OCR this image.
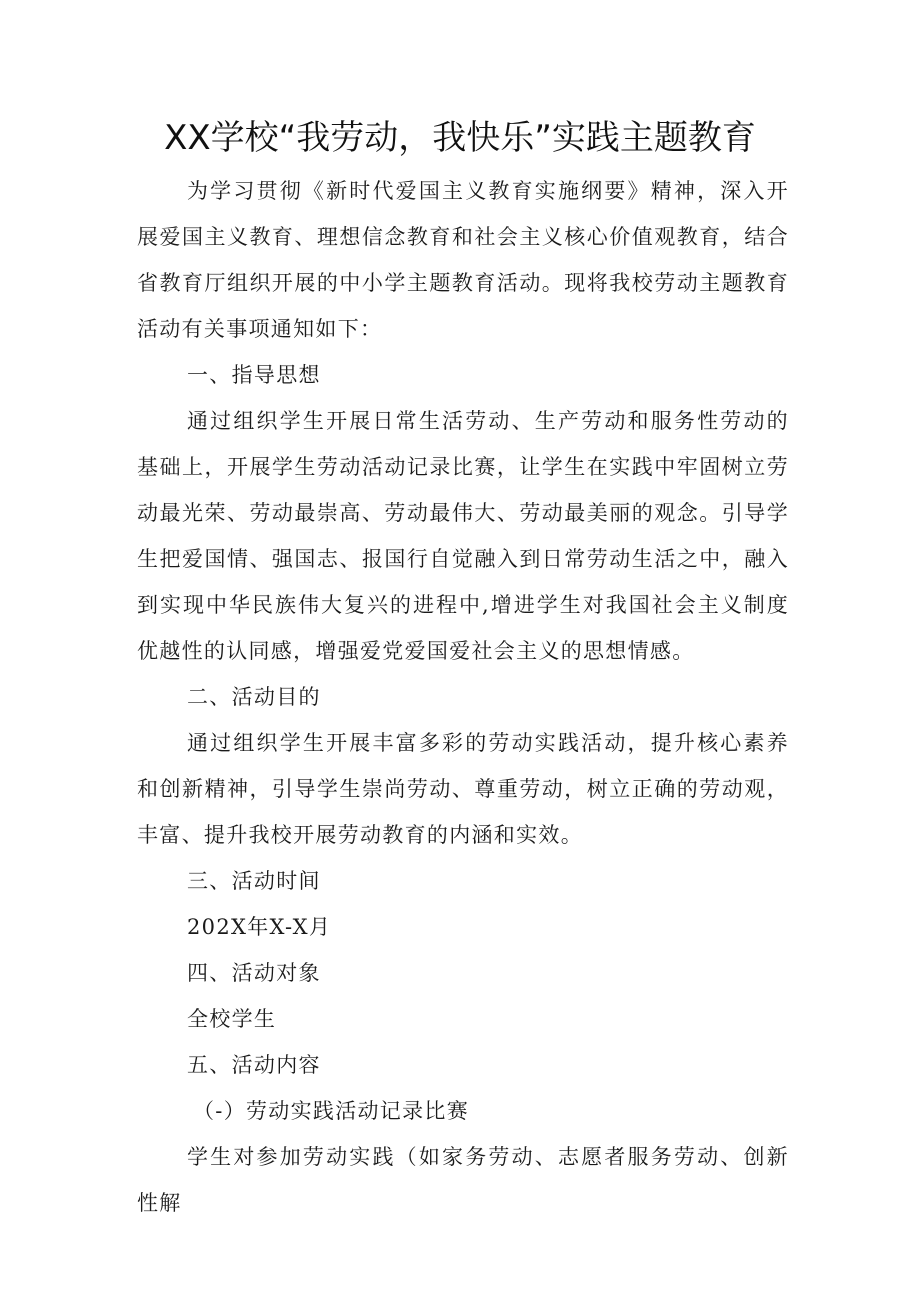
XX学校“我劳动，我快乐”实践主题教育

为学习贯彻《新时代爱国主义教育实施纲要》精神，深入开展爱国主义教育、理想信念教育和社会主义核心价值观教育，结合省教育厅组织开展的中小学主题教育活动。现将我校劳动主题教育活动有关事项通知如下：

一、指导思想

通过组织学生开展日常生活劳动、生产劳动和服务性劳动的基础上，开展学生劳动活动记录比赛，让学生在实践中牢固树立劳动最光荣、劳动最崇高、劳动最伟大、劳动最美丽的观念。引导学生把爱国情、强国志、报国行自觉融入到日常劳动生活之中，融入到实现中华民族伟大复兴的进程中,增进学生对我国社会主义制度优越性的认同感，增强爱党爱国爱社会主义的思想情感。

二、活动目的

通过组织学生开展丰富多彩的劳动实践活动，提升核心素养和创新精神，引导学生崇尚劳动、尊重劳动，树立正确的劳动观，丰富、提升我校开展劳动教育的内涵和实效。

三、活动时间

202X年X-X月

四、活动对象

全校学生

五、活动内容

（-）劳动实践活动记录比赛

学生对参加劳动实践（如家务劳动、志愿者服务劳动、创新性解
